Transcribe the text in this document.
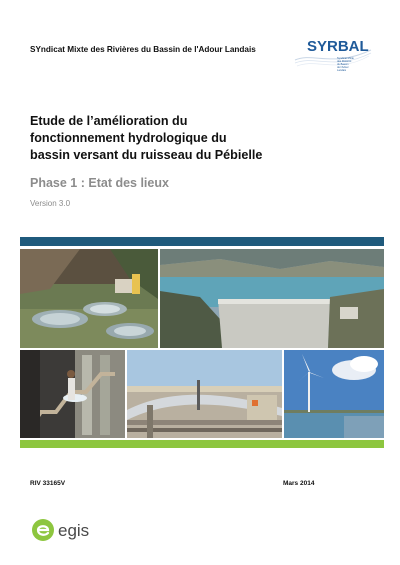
SYndicat Mixte des Rivières du Bassin de l'Adour Landais	SYRBAL
Syndicat Mixte
des Rivières
du Bassin
de l'Adour
Landais
Etude de l’amélioration du
fonctionnement hydrologique du
bassin versant du ruisseau du Pébielle
Phase 1 : Etat des lieux
Version 3.0
RIV 33165V	Mars 2014
egis
